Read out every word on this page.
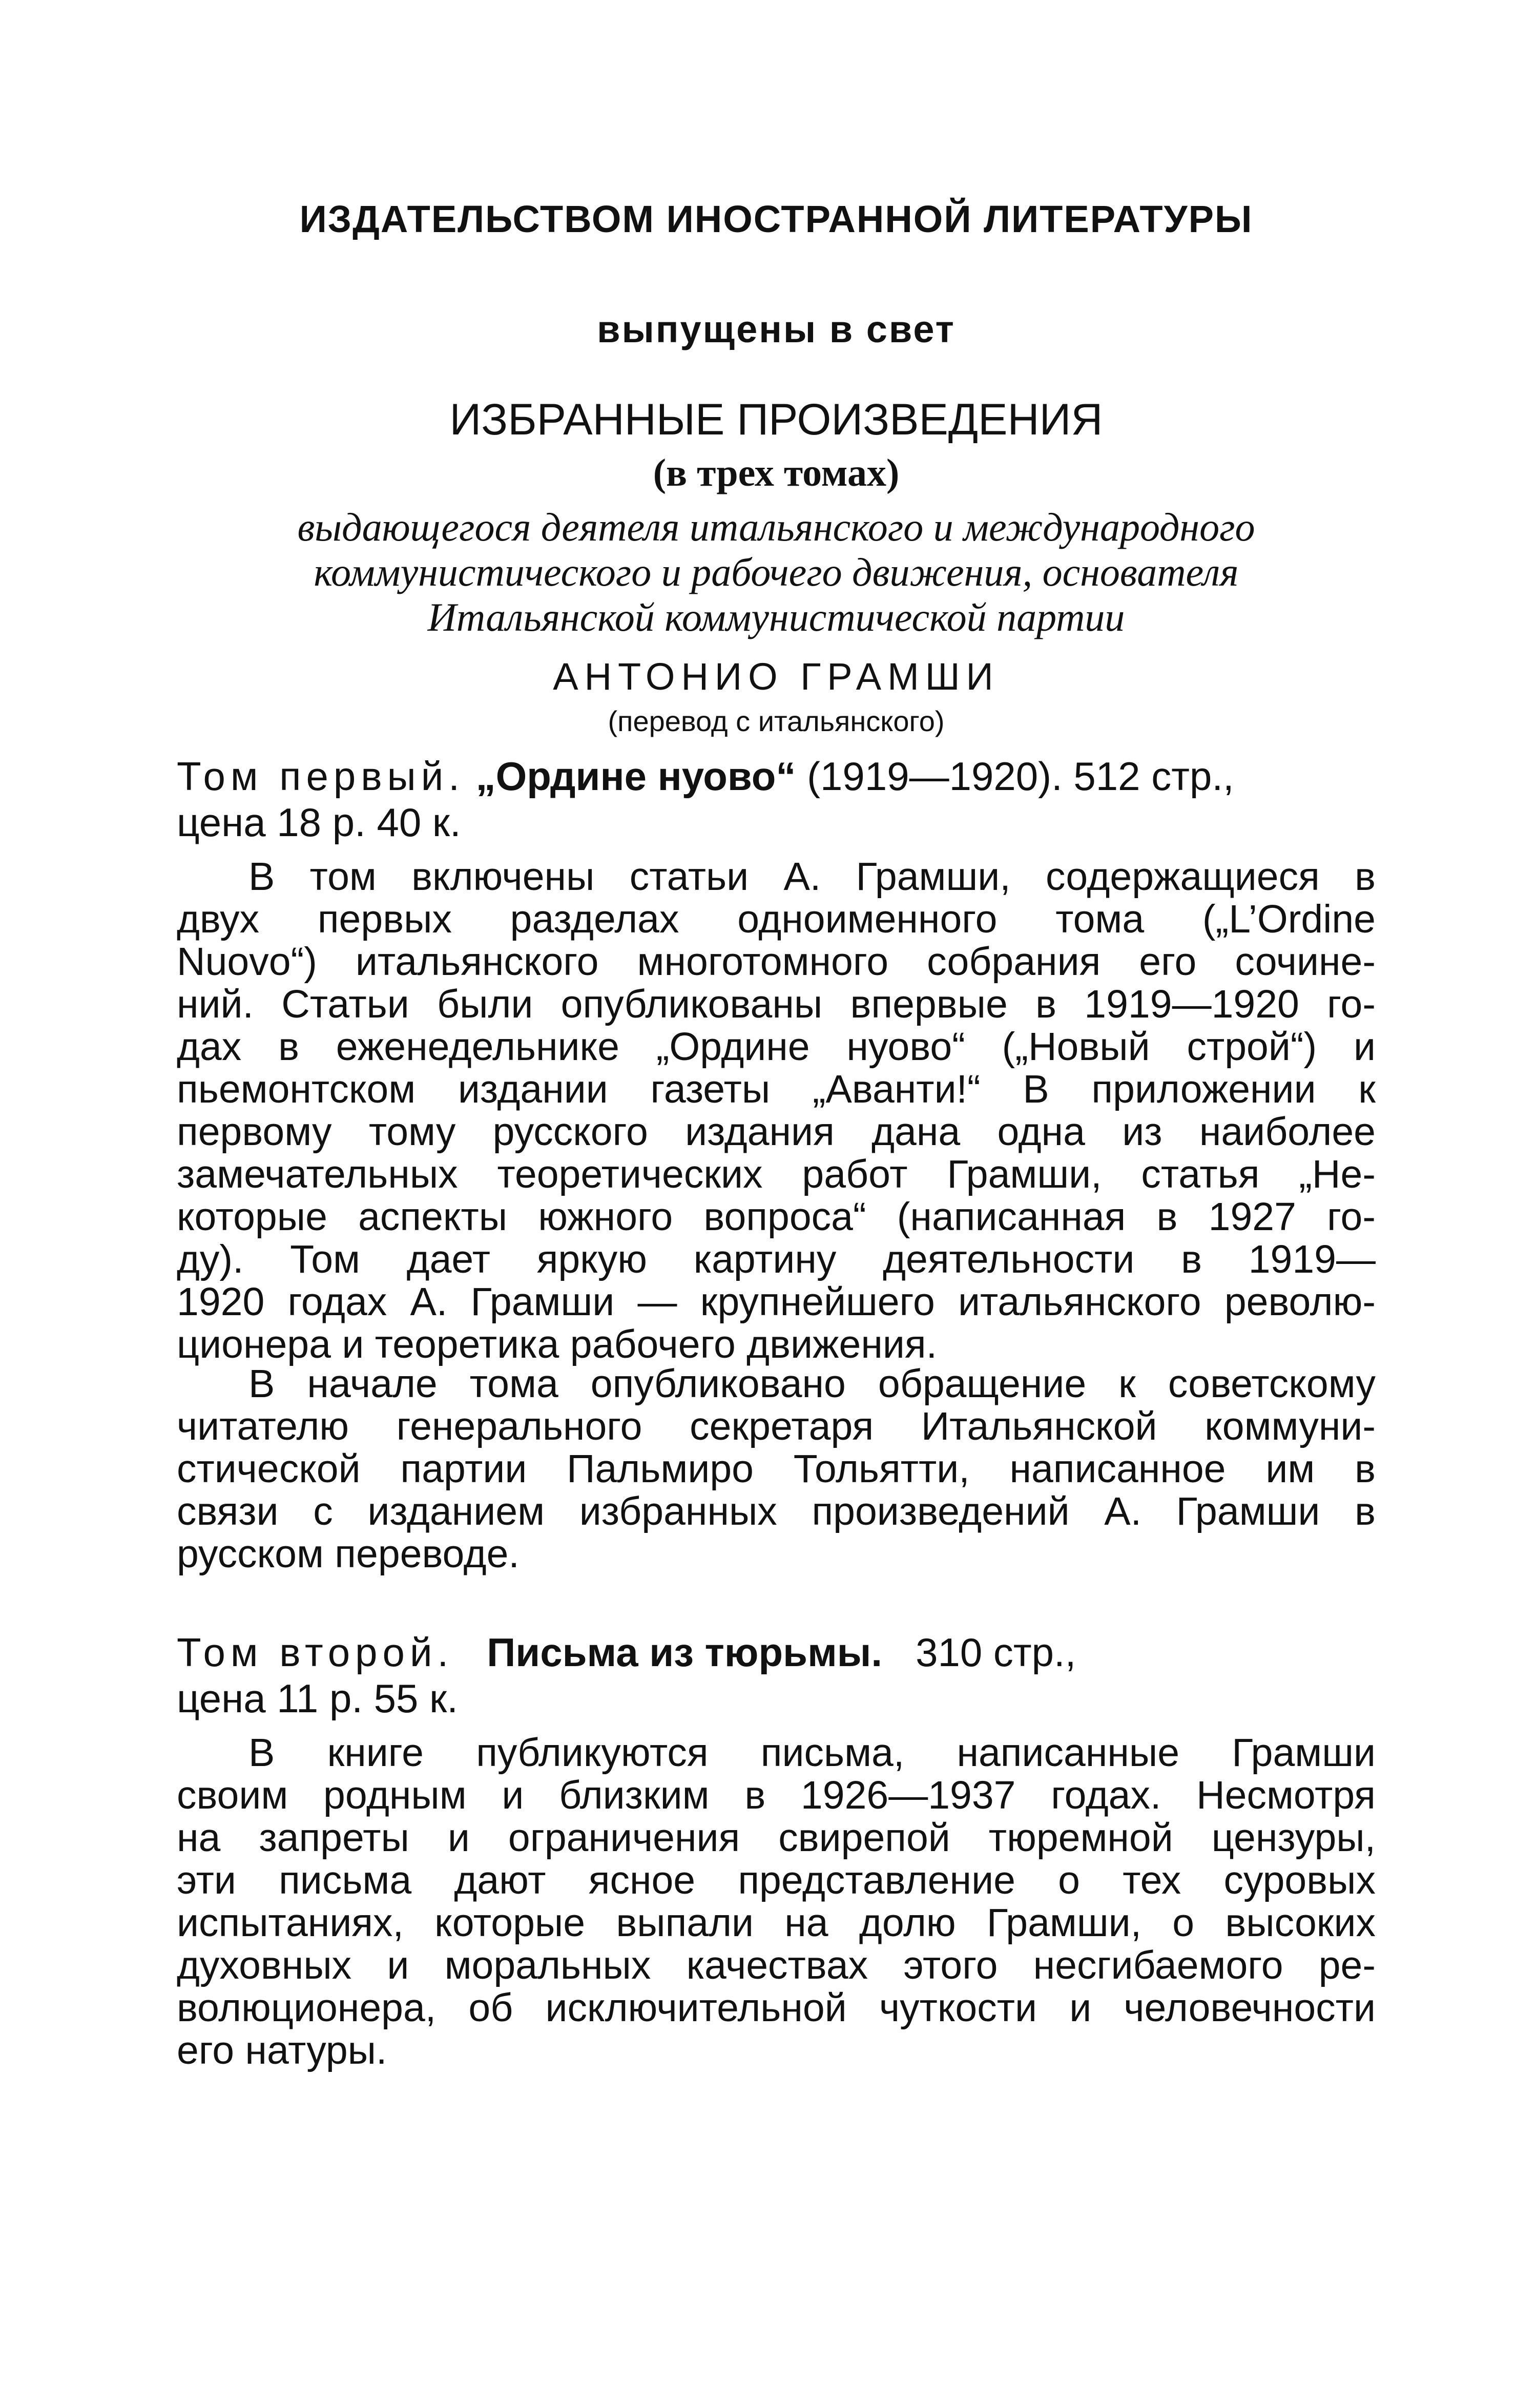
ИЗДАТЕЛЬСТВОМ ИНОСТРАННОЙ ЛИТЕРАТУРЫ
выпущены в свет
ИЗБРАННЫЕ ПРОИЗВЕДЕНИЯ
(в трех томах)
выдающегося деятеля итальянского и международного
коммунистического и рабочего движения, основателя
Итальянской коммунистической партии
АНТОНИО ГРАМШИ
(перевод с итальянского)
Том первый. „Ордине нуово“ (1919—1920). 512 стр.,
цена 18 р. 40 к.
В том включены статьи А. Грамши, содержащиеся в
двух первых разделах одноименного тома („L’Ordine
Nuovo“) итальянского многотомного собрания его сочине-
ний. Статьи были опубликованы впервые в 1919—1920 го-
дах в еженедельнике „Ордине нуово“ („Новый строй“) и
пьемонтском издании газеты „Аванти!“ В приложении к
первому тому русского издания дана одна из наиболее
замечательных теоретических работ Грамши, статья „Не-
которые аспекты южного вопроса“ (написанная в 1927 го-
ду). Том дает яркую картину деятельности в 1919—
1920 годах А. Грамши — крупнейшего итальянского револю-
ционера и теоретика рабочего движения.
В начале тома опубликовано обращение к советскому
читателю генерального секретаря Итальянской коммуни-
стической партии Пальмиро Тольятти, написанное им в
связи с изданием избранных произведений А. Грамши в
русском переводе.
Том второй. Письма из тюрьмы. 310 стр.,
цена 11 р. 55 к.
В книге публикуются письма, написанные Грамши
своим родным и близким в 1926—1937 годах. Несмотря
на запреты и ограничения свирепой тюремной цензуры,
эти письма дают ясное представление о тех суровых
испытаниях, которые выпали на долю Грамши, о высоких
духовных и моральных качествах этого несгибаемого ре-
волюционера, об исключительной чуткости и человечности
его натуры.
